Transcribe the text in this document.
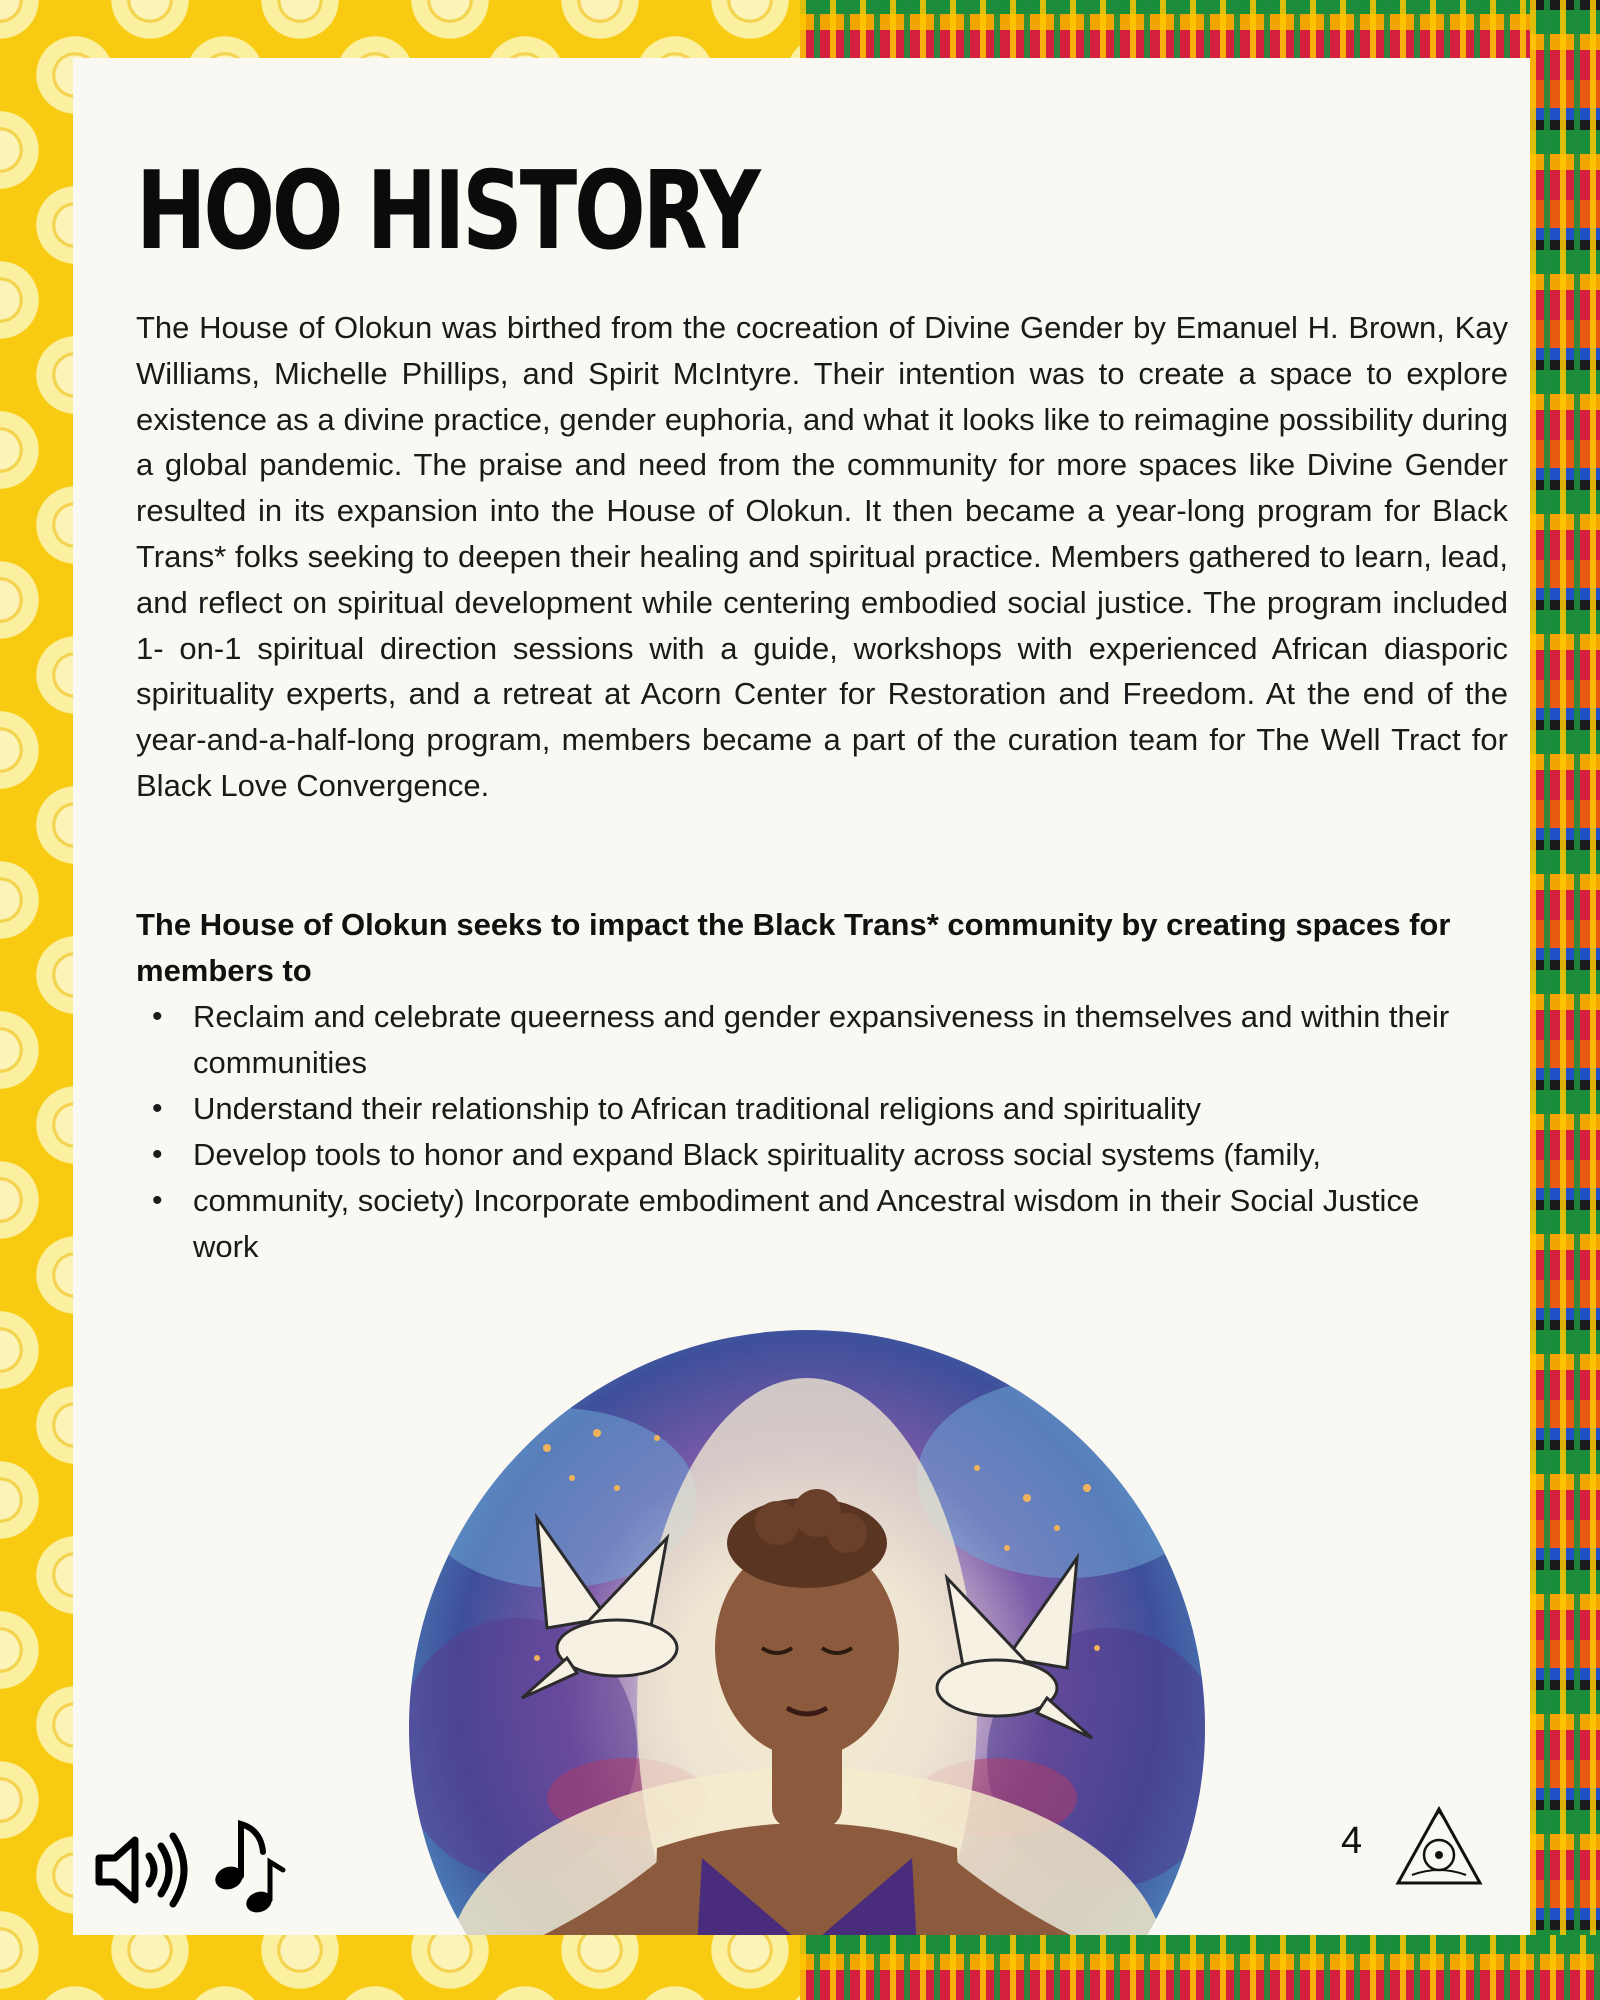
HOO HISTORY

The House of Olokun was birthed from the cocreation of Divine Gender by Emanuel H. Brown, Kay Williams, Michelle Phillips, and Spirit McIntyre. Their intention was to create a space to explore existence as a divine practice, gender euphoria, and what it looks like to reimagine possibility during a global pandemic. The praise and need from the community for more spaces like Divine Gender resulted in its expansion into the House of Olokun. It then became a year-long program for Black Trans* folks seeking to deepen their healing and spiritual practice. Members gathered to learn, lead, and reflect on spiritual development while centering embodied social justice. The program included 1- on-1 spiritual direction sessions with a guide, workshops with experienced African diasporic spirituality experts, and a retreat at Acorn Center for Restoration and Freedom. At the end of the year-and-a-half-long program, members became a part of the curation team for The Well Tract for Black Love Convergence.

The House of Olokun seeks to impact the Black Trans* community by creating spaces for members to

• Reclaim and celebrate queerness and gender expansiveness in themselves and within their communities
• Understand their relationship to African traditional religions and spirituality
• Develop tools to honor and expand Black spirituality across social systems (family,
• community, society) Incorporate embodiment and Ancestral wisdom in their Social Justice work
4
